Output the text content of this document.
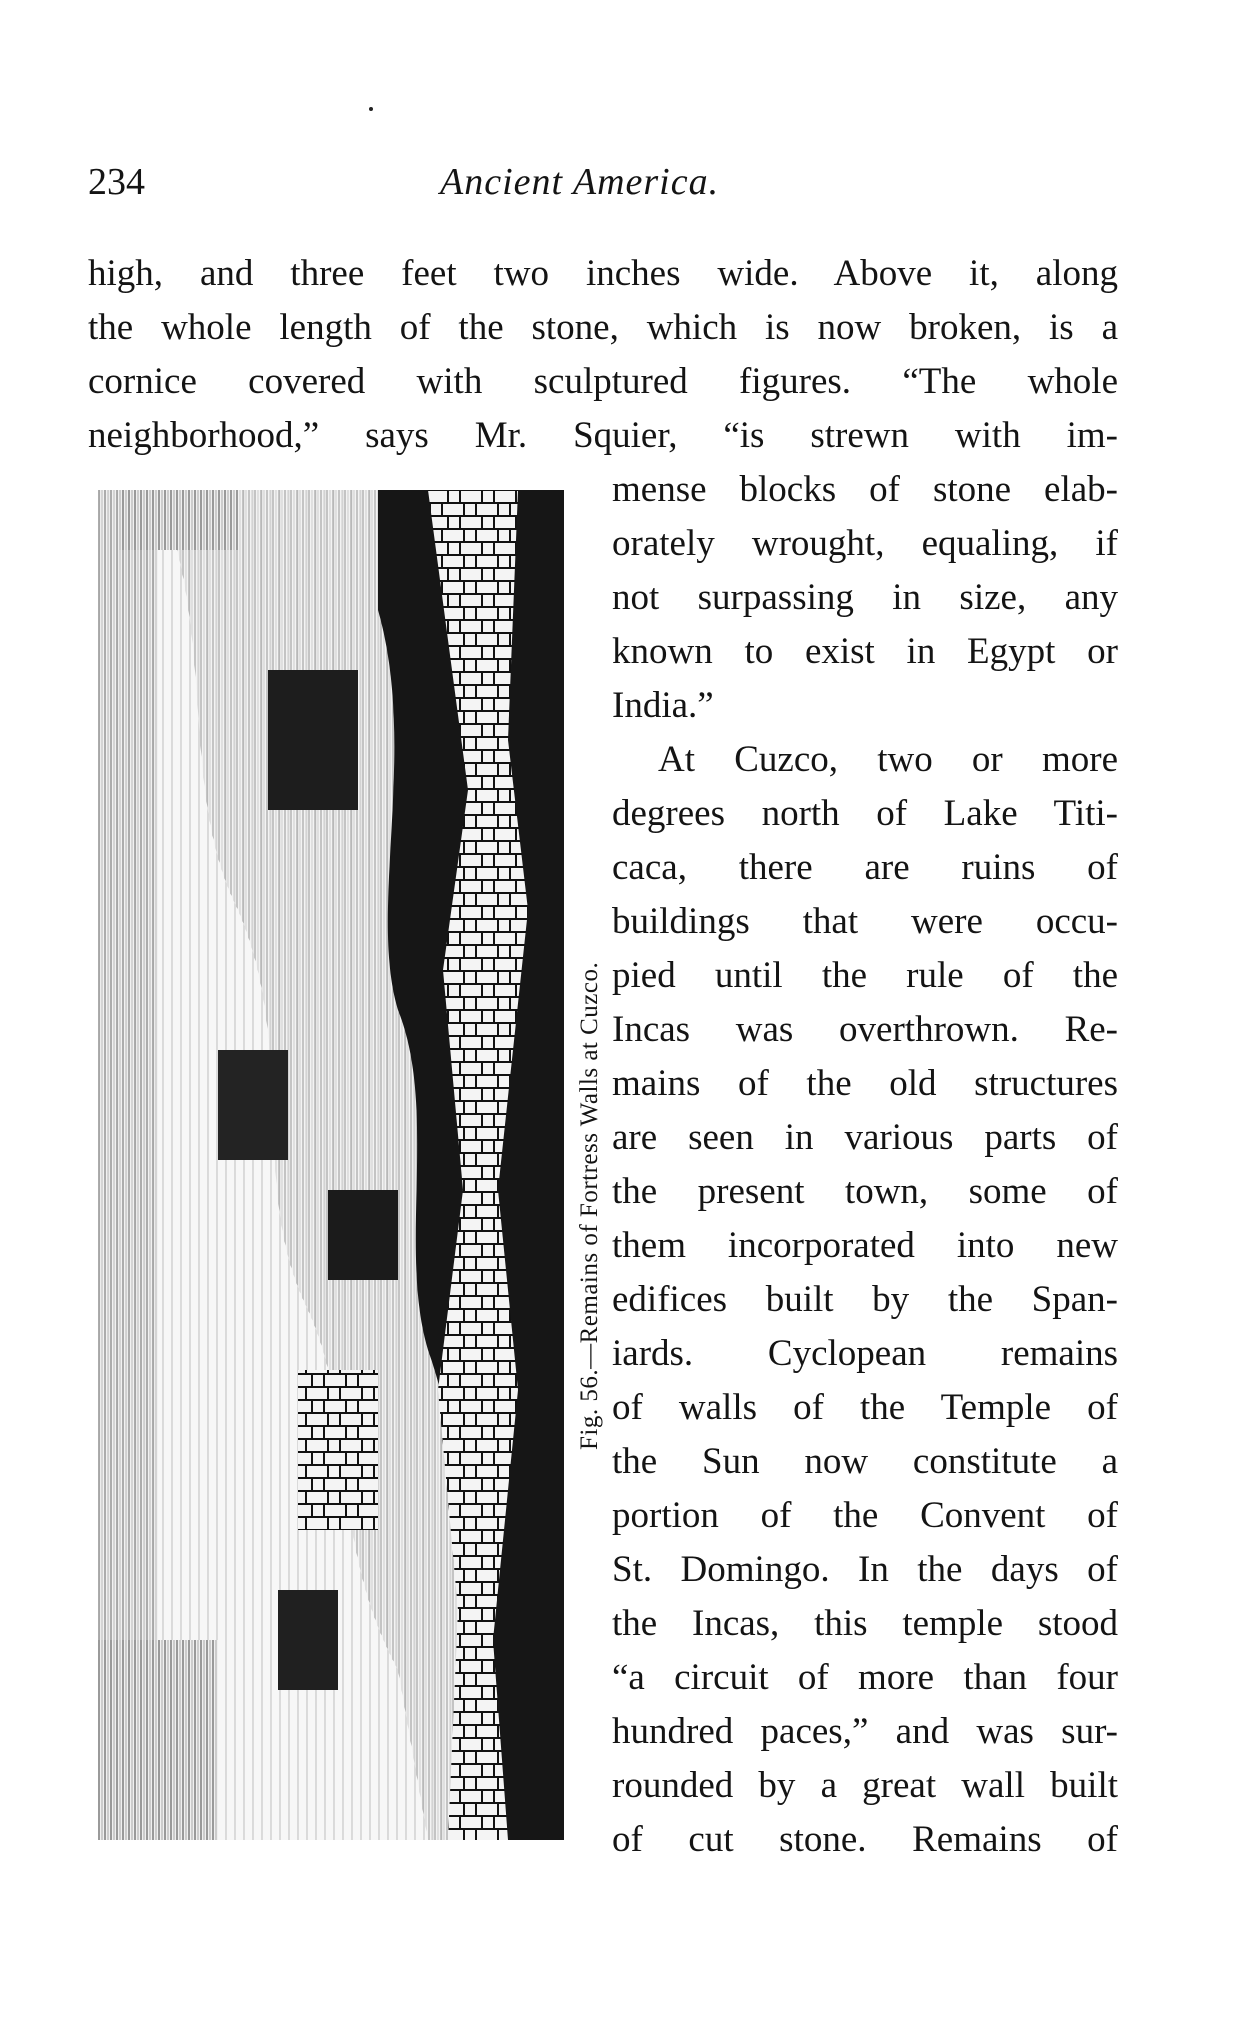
234	Ancient America.
high, and three feet two inches wide. Above it, along
the whole length of the stone, which is now broken, is a
cornice covered with sculptured figures. “The whole
neighborhood,” says Mr. Squier, “is strewn with im-
mense blocks of stone elab-
orately wrought, equaling, if
not surpassing in size, any
known to exist in Egypt or
India.”
At Cuzco, two or more
degrees north of Lake Titi-
caca, there are ruins of
buildings that were occu-
pied until the rule of the
Incas was overthrown. Re-
mains of the old structures
are seen in various parts of
the present town, some of
them incorporated into new
edifices built by the Span-
iards. Cyclopean remains
of walls of the Temple of
the Sun now constitute a
portion of the Convent of
St. Domingo. In the days of
the Incas, this temple stood
“a circuit of more than four
hundred paces,” and was sur-
rounded by a great wall built
of cut stone. Remains of
Fig. 56.—Remains of Fortress Walls at Cuzco.
